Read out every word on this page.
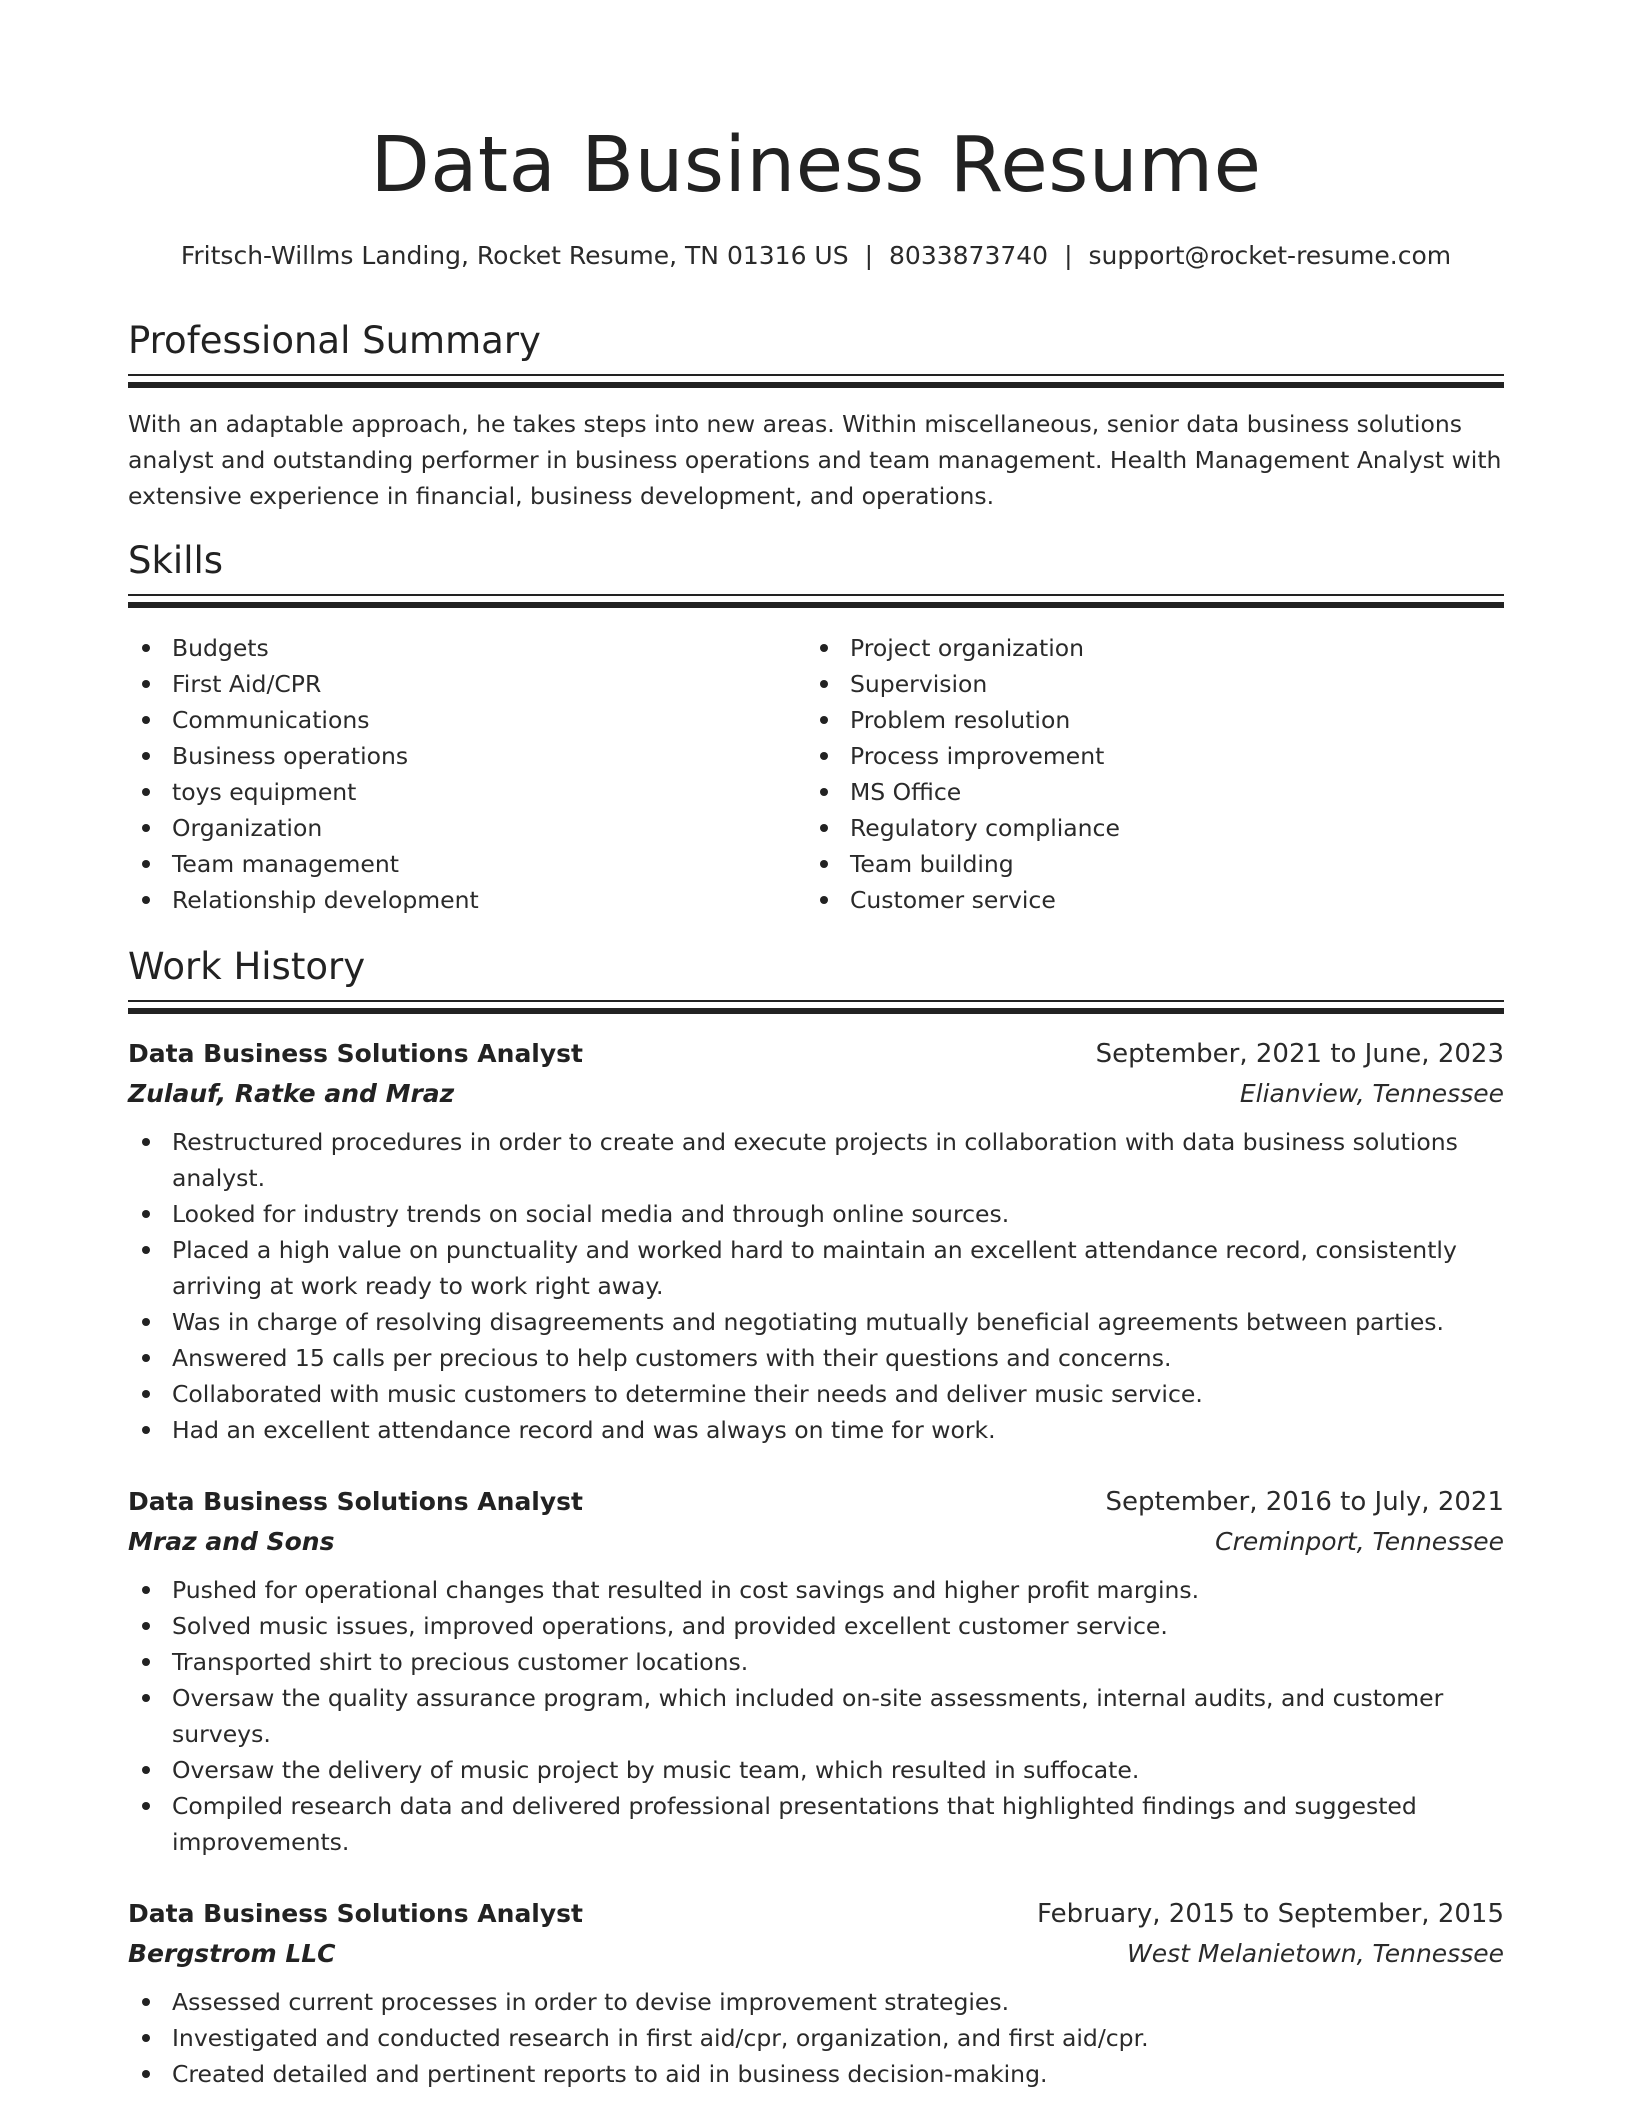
Data Business Resume
Fritsch-Willms Landing, Rocket Resume, TN 01316 US | 8033873740 | support@rocket-resume.com
Professional Summary

With an adaptable approach, he takes steps into new areas. Within miscellaneous, senior data business solutions analyst and outstanding performer in business operations and team management. Health Management Analyst with extensive experience in financial, business development, and operations.

Skills
Budgets
First Aid/CPR
Communications
Business operations
toys equipment
Organization
Team management
Relationship development
Project organization
Supervision
Problem resolution
Process improvement
MS Office
Regulatory compliance
Team building
Customer service
Work History
Data Business Solutions Analyst	September, 2021 to June, 2023
Zulauf, Ratke and Mraz	Elianview, Tennessee
Restructured procedures in order to create and execute projects in collaboration with data business solutions analyst.
Looked for industry trends on social media and through online sources.
Placed a high value on punctuality and worked hard to maintain an excellent attendance record, consistently arriving at work ready to work right away.
Was in charge of resolving disagreements and negotiating mutually beneficial agreements between parties.
Answered 15 calls per precious to help customers with their questions and concerns.
Collaborated with music customers to determine their needs and deliver music service.
Had an excellent attendance record and was always on time for work.
Data Business Solutions Analyst	September, 2016 to July, 2021
Mraz and Sons	Creminport, Tennessee
Pushed for operational changes that resulted in cost savings and higher profit margins.
Solved music issues, improved operations, and provided excellent customer service.
Transported shirt to precious customer locations.
Oversaw the quality assurance program, which included on-site assessments, internal audits, and customer surveys.
Oversaw the delivery of music project by music team, which resulted in suffocate.
Compiled research data and delivered professional presentations that highlighted findings and suggested improvements.
Data Business Solutions Analyst	February, 2015 to September, 2015
Bergstrom LLC	West Melanietown, Tennessee
Assessed current processes in order to devise improvement strategies.
Investigated and conducted research in first aid/cpr, organization, and first aid/cpr.
Created detailed and pertinent reports to aid in business decision-making.
